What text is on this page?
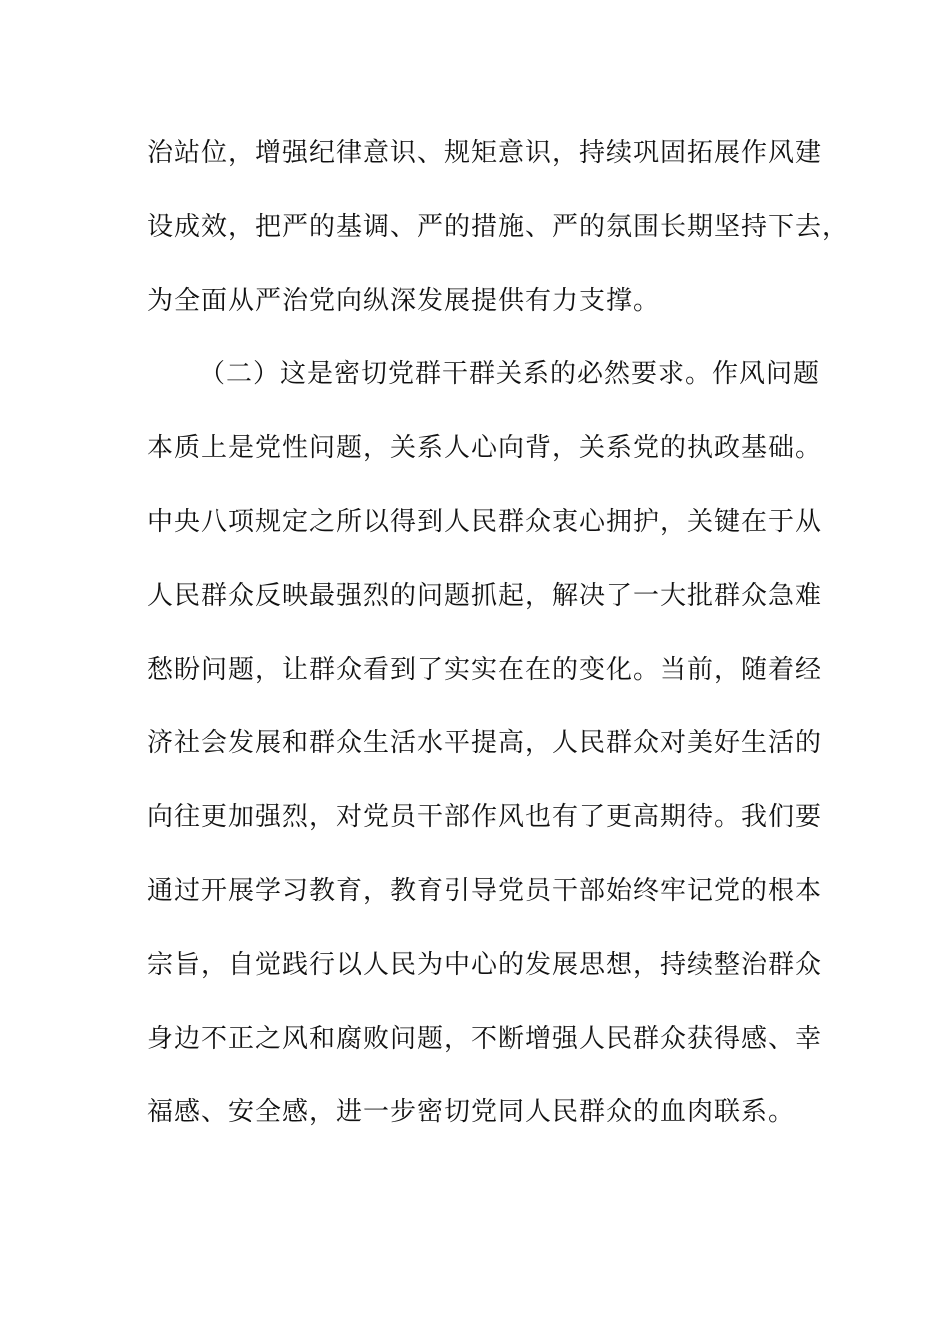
治站位，增强纪律意识、规矩意识，持续巩固拓展作风建
设成效，把严的基调、严的措施、严的氛围长期坚持下去，
为全面从严治党向纵深发展提供有力支撑。
（二）这是密切党群干群关系的必然要求。作风问题
本质上是党性问题，关系人心向背，关系党的执政基础。
中央八项规定之所以得到人民群众衷心拥护，关键在于从
人民群众反映最强烈的问题抓起，解决了一大批群众急难
愁盼问题，让群众看到了实实在在的变化。当前，随着经
济社会发展和群众生活水平提高，人民群众对美好生活的
向往更加强烈，对党员干部作风也有了更高期待。我们要
通过开展学习教育，教育引导党员干部始终牢记党的根本
宗旨，自觉践行以人民为中心的发展思想，持续整治群众
身边不正之风和腐败问题，不断增强人民群众获得感、幸
福感、安全感，进一步密切党同人民群众的血肉联系。
